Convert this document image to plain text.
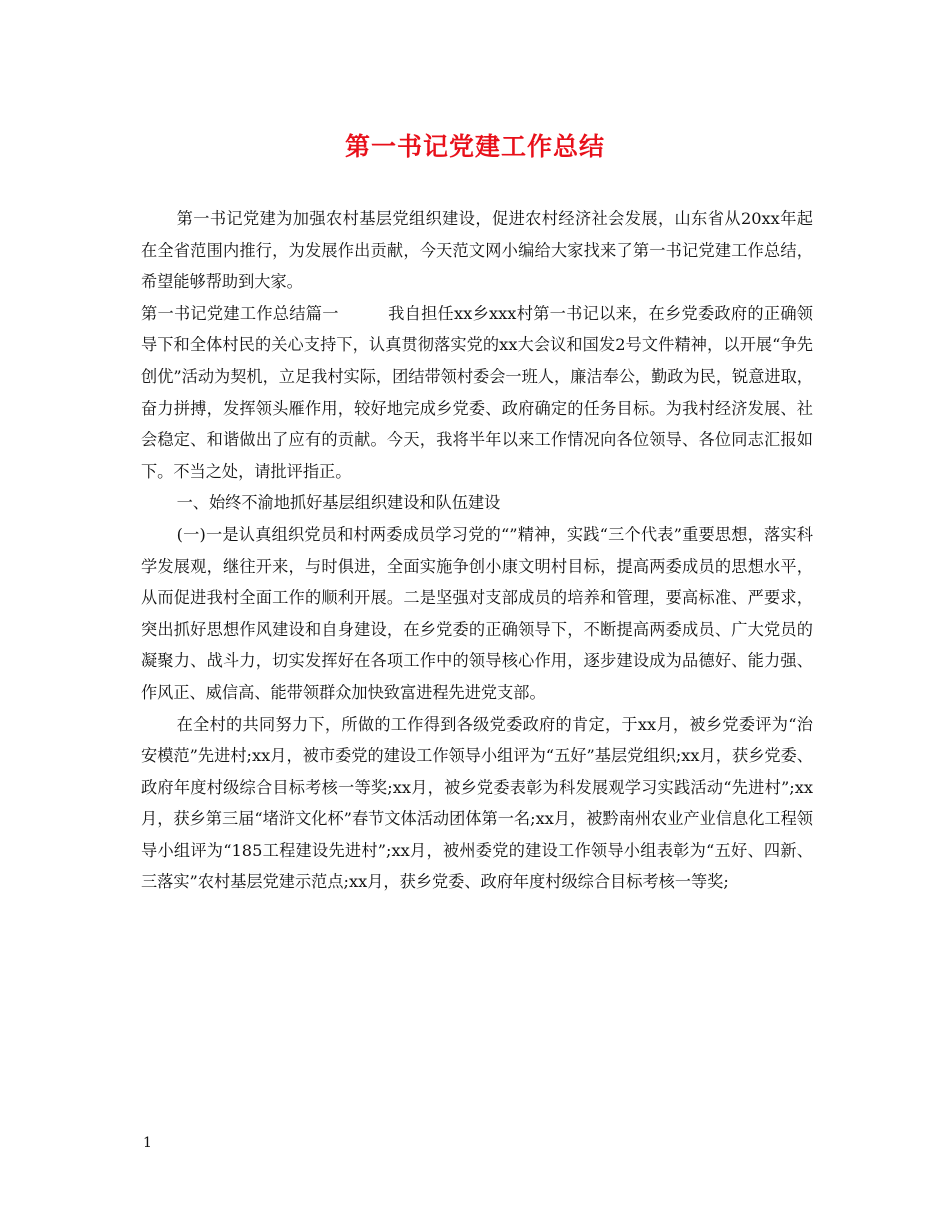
第一书记党建工作总结

第一书记党建为加强农村基层党组织建设，促进农村经济社会发展，山东省从20xx年起在全省范围内推行，为发展作出贡献，今天范文网小编给大家找来了第一书记党建工作总结，希望能够帮助到大家。

第一书记党建工作总结篇一　　　我自担任xx乡xxx村第一书记以来，在乡党委政府的正确领导下和全体村民的关心支持下，认真贯彻落实党的xx大会议和国发2号文件精神，以开展“争先创优”活动为契机，立足我村实际，团结带领村委会一班人，廉洁奉公，勤政为民，锐意进取，奋力拼搏，发挥领头雁作用，较好地完成乡党委、政府确定的任务目标。为我村经济发展、社会稳定、和谐做出了应有的贡献。今天，我将半年以来工作情况向各位领导、各位同志汇报如下。不当之处，请批评指正。

一、始终不渝地抓好基层组织建设和队伍建设

(一)一是认真组织党员和村两委成员学习党的“”精神，实践“三个代表”重要思想，落实科学发展观，继往开来，与时俱进，全面实施争创小康文明村目标，提高两委成员的思想水平，从而促进我村全面工作的顺利开展。二是坚强对支部成员的培养和管理，要高标准、严要求，突出抓好思想作风建设和自身建设，在乡党委的正确领导下，不断提高两委成员、广大党员的凝聚力、战斗力，切实发挥好在各项工作中的领导核心作用，逐步建设成为品德好、能力强、作风正、威信高、能带领群众加快致富进程先进党支部。

在全村的共同努力下，所做的工作得到各级党委政府的肯定，于xx月，被乡党委评为“治安模范”先进村;xx月，被市委党的建设工作领导小组评为“五好”基层党组织;xx月，获乡党委、政府年度村级综合目标考核一等奖;xx月，被乡党委表彰为科发展观学习实践活动“先进村”;xx月，获乡第三届“堵浒文化杯”春节文体活动团体第一名;xx月，被黔南州农业产业信息化工程领导小组评为“185工程建设先进村”;xx月，被州委党的建设工作领导小组表彰为“五好、四新、三落实”农村基层党建示范点;xx月，获乡党委、政府年度村级综合目标考核一等奖;

1
